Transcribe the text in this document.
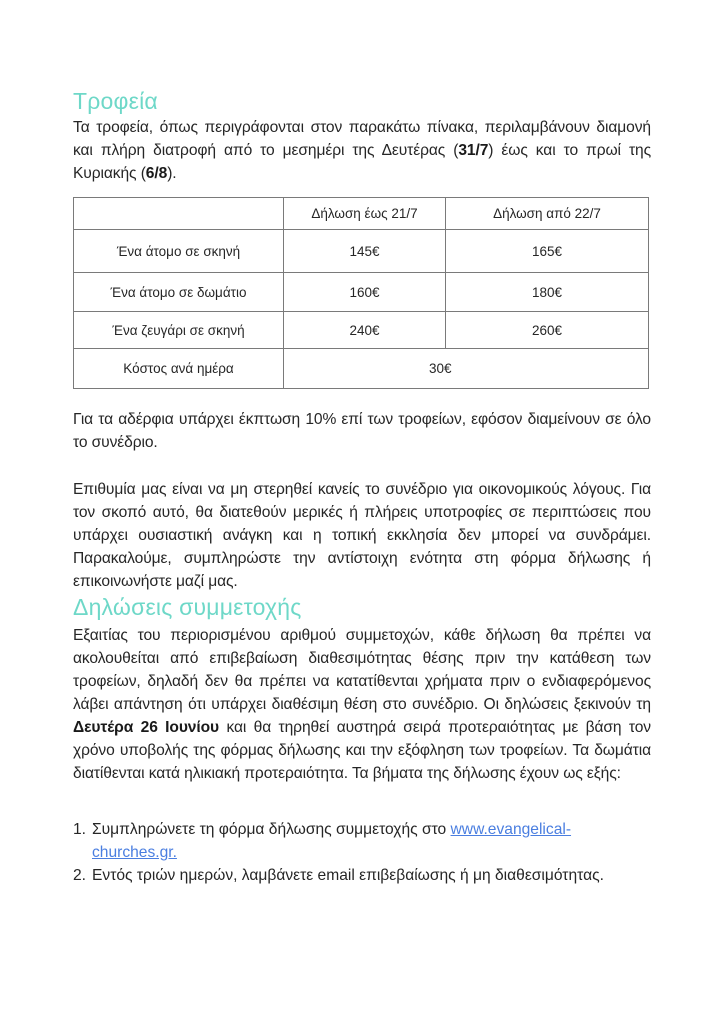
Τροφεία

Τα τροφεία, όπως περιγράφονται στον παρακάτω πίνακα, περιλαμβάνουν διαμονή και πλήρη διατροφή από το μεσημέρι της Δευτέρας (31/7) έως και το πρωί της Κυριακής (6/8).

	Δήλωση έως 21/7	Δήλωση από 22/7
Ένα άτομο σε σκηνή	145€	165€
Ένα άτομο σε δωμάτιο	160€	180€
Ένα ζευγάρι σε σκηνή	240€	260€
Κόστος ανά ημέρα	30€	

Για τα αδέρφια υπάρχει έκπτωση 10% επί των τροφείων, εφόσον διαμείνουν σε όλο το συνέδριο.

Επιθυμία μας είναι να μη στερηθεί κανείς το συνέδριο για οικονομικούς λόγους. Για τον σκοπό αυτό, θα διατεθούν μερικές ή πλήρεις υποτροφίες σε περιπτώσεις που υπάρχει ουσιαστική ανάγκη και η τοπική εκκλησία δεν μπορεί να συνδράμει. Παρακαλούμε, συμπληρώστε την αντίστοιχη ενότητα στη φόρμα δήλωσης ή επικοινωνήστε μαζί μας.

Δηλώσεις συμμετοχής

Εξαιτίας του περιορισμένου αριθμού συμμετοχών, κάθε δήλωση θα πρέπει να ακολουθείται από επιβεβαίωση διαθεσιμότητας θέσης πριν την κατάθεση των τροφείων, δηλαδή δεν θα πρέπει να κατατίθενται χρήματα πριν ο ενδιαφερόμενος λάβει απάντηση ότι υπάρχει διαθέσιμη θέση στο συνέδριο. Οι δηλώσεις ξεκινούν τη Δευτέρα 26 Ιουνίου και θα τηρηθεί αυστηρά σειρά προτεραιότητας με βάση τον χρόνο υποβολής της φόρμας δήλωσης και την εξόφληση των τροφείων. Τα δωμάτια διατίθενται κατά ηλικιακή προτεραιότητα. Τα βήματα της δήλωσης έχουν ως εξής:

1. Συμπληρώνετε τη φόρμα δήλωσης συμμετοχής στο www.evangelical-churches.gr.
2. Εντός τριών ημερών, λαμβάνετε email επιβεβαίωσης ή μη διαθεσιμότητας.
